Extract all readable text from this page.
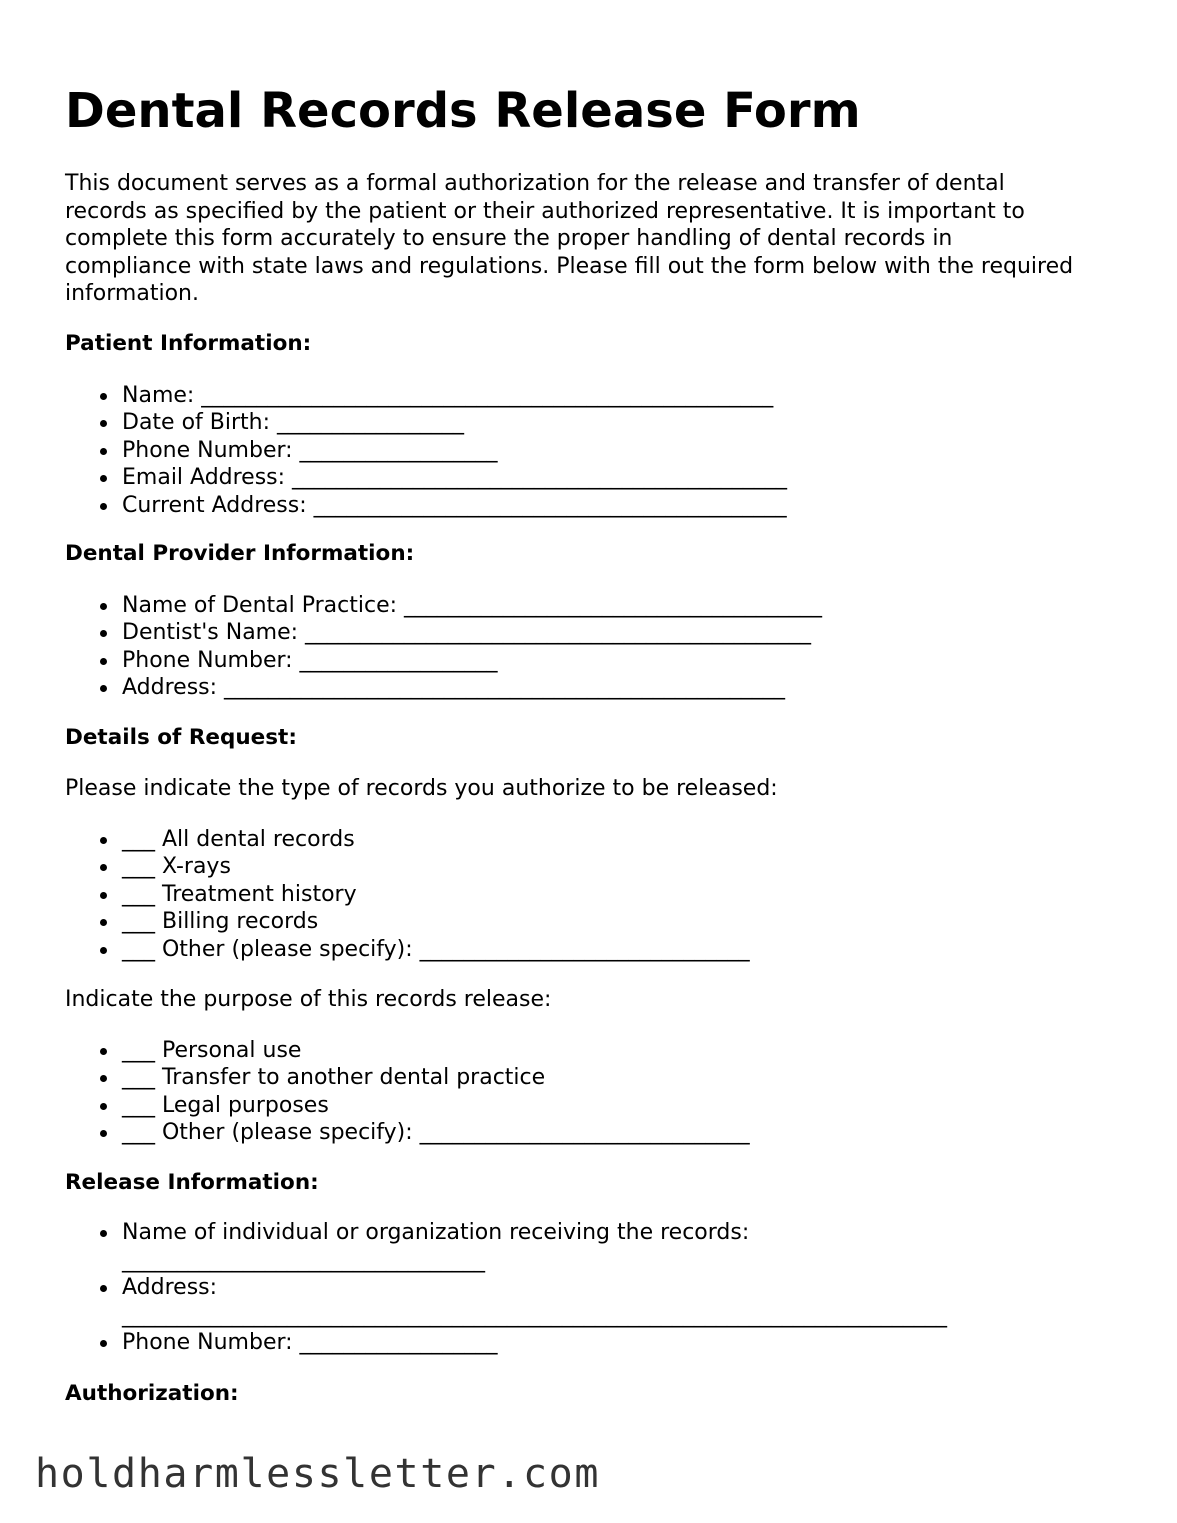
Dental Records Release Form

This document serves as a formal authorization for the release and transfer of dental records as specified by the patient or their authorized representative. It is important to complete this form accurately to ensure the proper handling of dental records in compliance with state laws and regulations. Please fill out the form below with the required information.

Patient Information:

Name: ____________________________________________________
Date of Birth: _________________
Phone Number: __________________
Email Address: _____________________________________________
Current Address: ___________________________________________

Dental Provider Information:

Name of Dental Practice: ______________________________________
Dentist's Name: ______________________________________________
Phone Number: __________________
Address: ___________________________________________________

Details of Request:

Please indicate the type of records you authorize to be released:

___ All dental records
___ X-rays
___ Treatment history
___ Billing records
___ Other (please specify): ______________________________

Indicate the purpose of this records release:

___ Personal use
___ Transfer to another dental practice
___ Legal purposes
___ Other (please specify): ______________________________

Release Information:

Name of individual or organization receiving the records:
_________________________________
Address:
___________________________________________________________________________
Phone Number: __________________

Authorization:

holdharmlessletter.com
